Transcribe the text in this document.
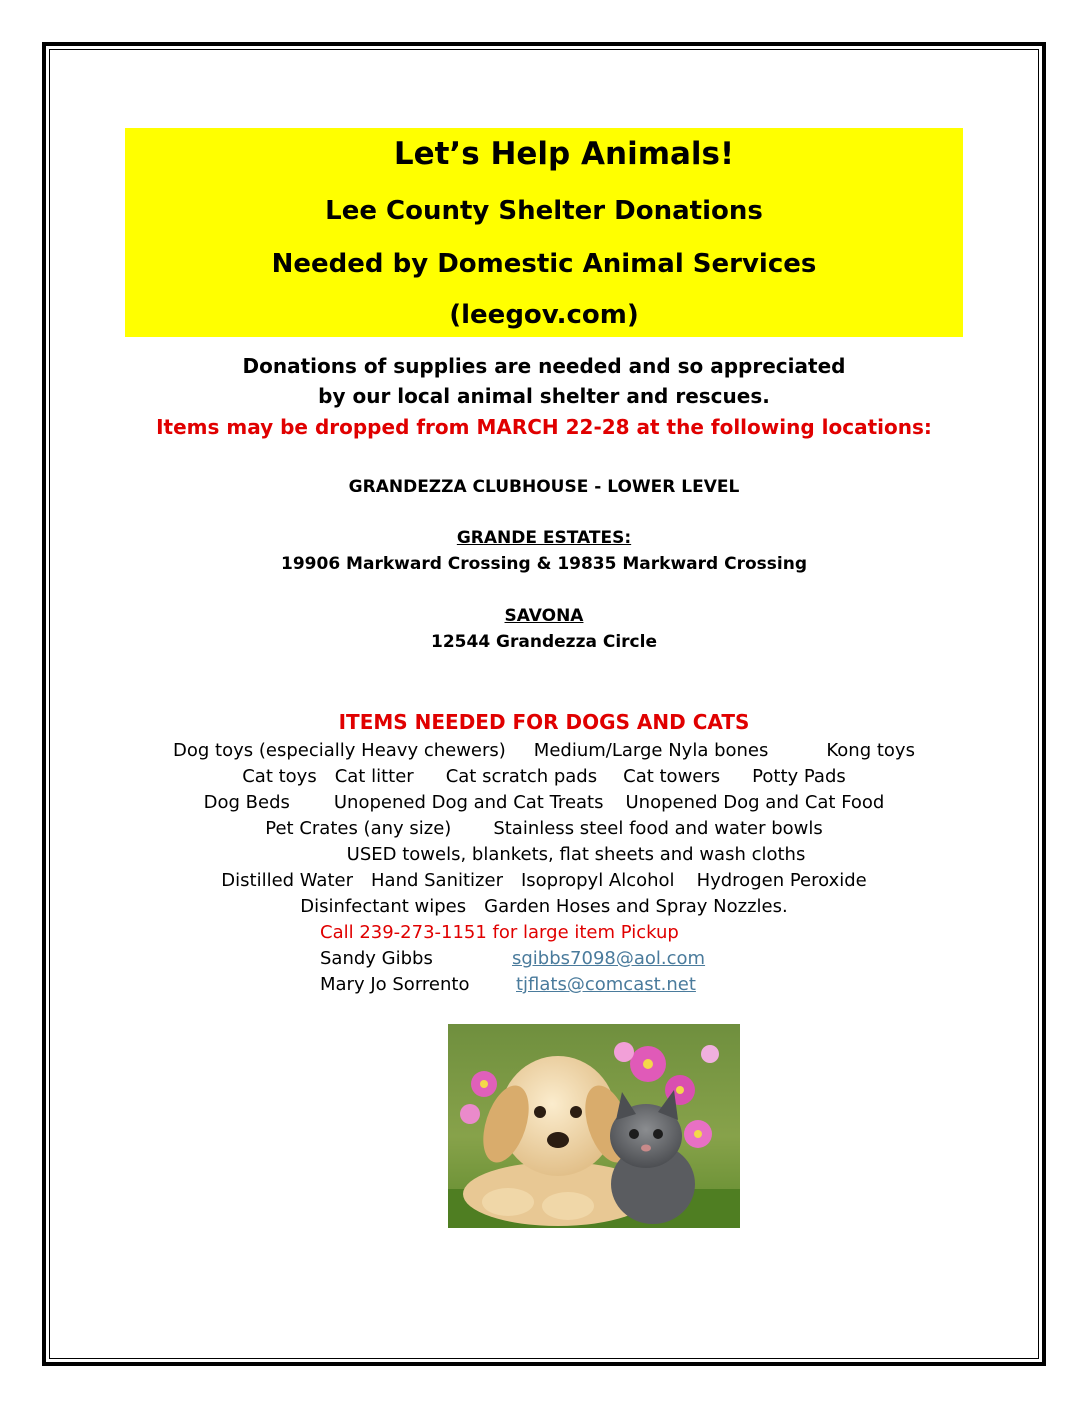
Let’s Help Animals!
Lee County Shelter Donations
Needed by Domestic Animal Services
(leegov.com)
Donations of supplies are needed and so appreciated
by our local animal shelter and rescues.
Items may be dropped from MARCH 22-28 at the following locations:
GRANDEZZA CLUBHOUSE - LOWER LEVEL
GRANDE ESTATES:
19906 Markward Crossing & 19835 Markward Crossing
SAVONA
12544 Grandezza Circle
ITEMS NEEDED FOR DOGS AND CATS
Dog toys (especially Heavy chewers) Medium/Large Nyla bones	Kong toys
Cat toys Cat litter Cat scratch pads Cat towers Potty Pads
Dog Beds Unopened Dog and Cat Treats Unopened Dog and Cat Food
Pet Crates (any size) Stainless steel food and water bowls
USED towels, blankets, flat sheets and wash cloths
Distilled Water Hand Sanitizer Isopropyl Alcohol Hydrogen Peroxide
Disinfectant wipes Garden Hoses and Spray Nozzles.
Call 239-273-1151 for large item Pickup
Sandy Gibbs	sgibbs7098@aol.com
Mary Jo Sorrento	tjflats@comcast.net
